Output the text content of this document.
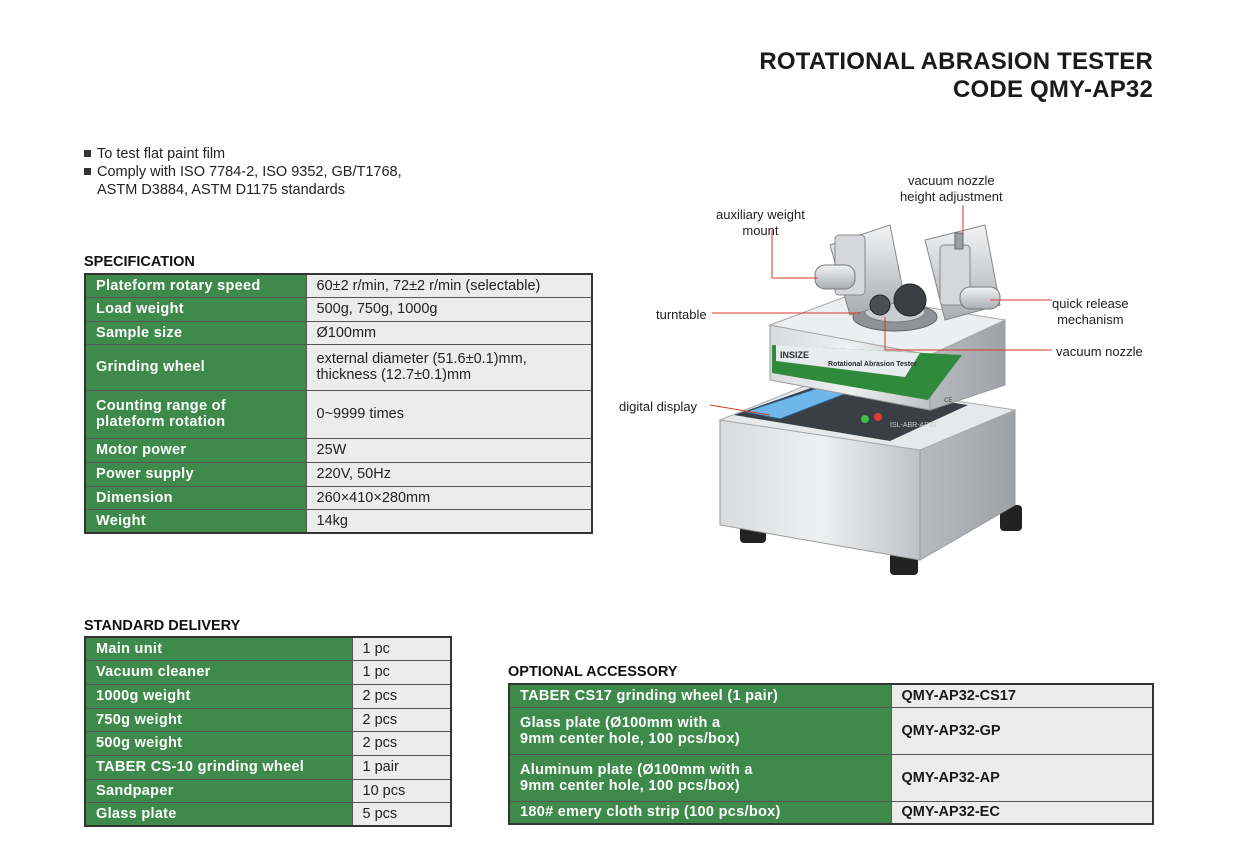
ROTATIONAL ABRASION TESTER
CODE QMY-AP32
To test flat paint film
Comply with ISO 7784-2, ISO 9352, GB/T1768,
ASTM D3884, ASTM D1175 standards
SPECIFICATION
Plateform rotary speed	60±2 r/min, 72±2 r/min (selectable)
Load weight	500g, 750g, 1000g
Sample size	Ø100mm
Grinding wheel	external diameter (51.6±0.1)mm,
thickness (12.7±0.1)mm

Counting range of
plateform rotation	0~9999 times
Motor power	25W
Power supply	220V, 50Hz
Dimension	260×410×280mm
Weight	14kg
STANDARD DELIVERY
Main unit	1 pc
Vacuum cleaner	1 pc
1000g weight	2 pcs
750g weight	2 pcs
500g weight	2 pcs
TABER CS-10 grinding wheel	1 pair
Sandpaper	10 pcs
Glass plate	5 pcs
OPTIONAL ACCESSORY
TABER CS17 grinding wheel (1 pair)	QMY-AP32-CS17

Glass plate (Ø100mm with a
9mm center hole, 100 pcs/box)	QMY-AP32-GP

Aluminum plate (Ø100mm with a
9mm center hole, 100 pcs/box)	QMY-AP32-AP
180# emery cloth strip (100 pcs/box)	QMY-AP32-EC
ISL-ABR-AP32
INSIZE
Rotational Abrasion Tester
CE
vacuum nozzle
height adjustment
auxiliary weight
mount
turntable
quick release
mechanism
vacuum nozzle
digital display
